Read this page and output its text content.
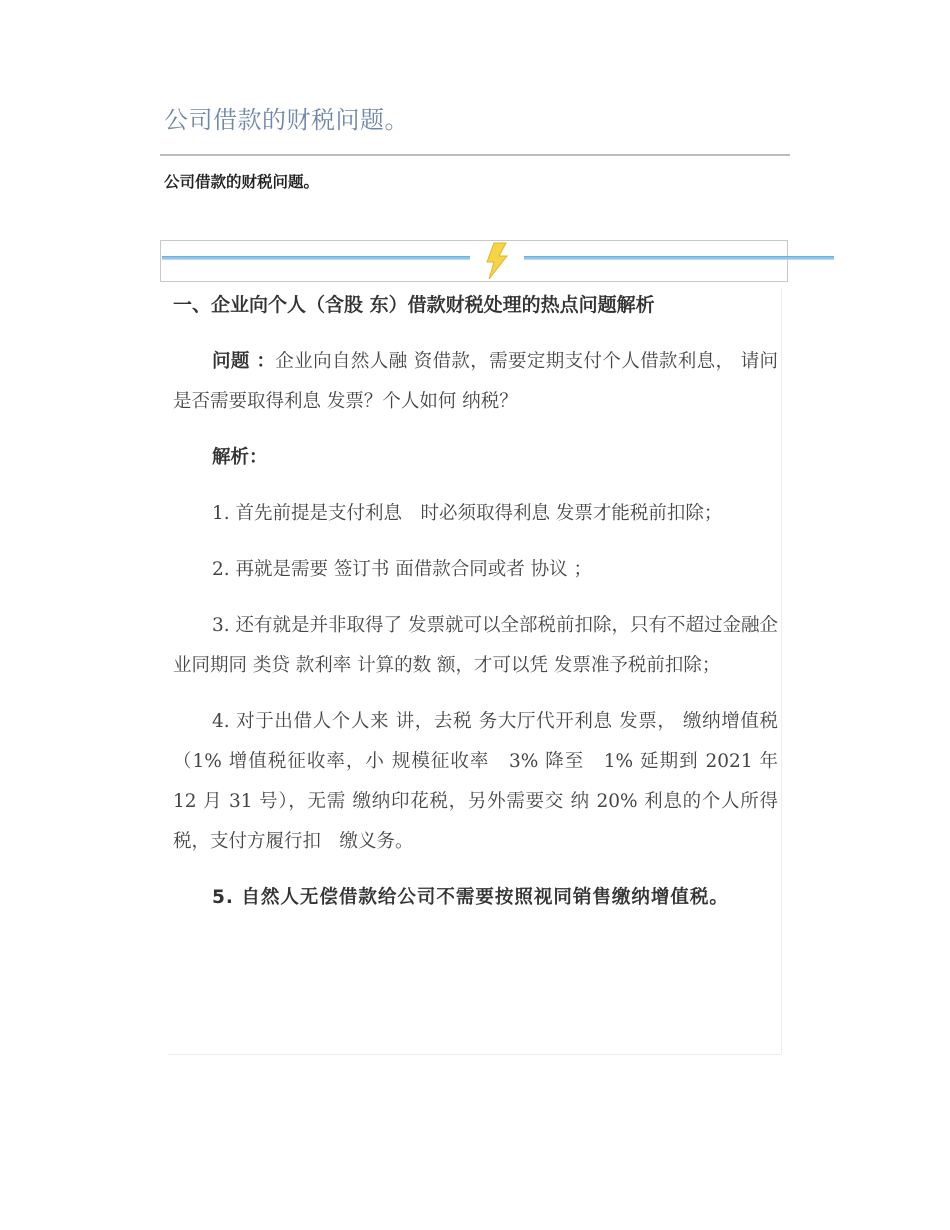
公司借款的财税问题。
公司借款的财税问题。
一、企业向个人（含股 东）借款财税处理的热点问题解析

问题 ：企业向自然人融 资借款，需要定期支付个人借款利息， 请问是否需要取得利息 发票？个人如何 纳税？

解析：

1. 首先前提是支付利息　时必须取得利息 发票才能税前扣除；

2. 再就是需要 签订书 面借款合同或者 协议 ；

3. 还有就是并非取得了 发票就可以全部税前扣除，只有不超过金融企 业同期同 类贷 款利率 计算的数 额，才可以凭 发票准予税前扣除；

4. 对于出借人个人来 讲，去税 务大厅代开利息 发票， 缴纳增值税（1% 增值税征收率，小 规模征收率　3% 降至　1% 延期到 2021 年 12 月 31 号），无需 缴纳印花税，另外需要交 纳 20% 利息的个人所得税，支付方履行扣　缴义务。

5. 自然人无偿借款给公司不需要按照视同销售缴纳增值税。
